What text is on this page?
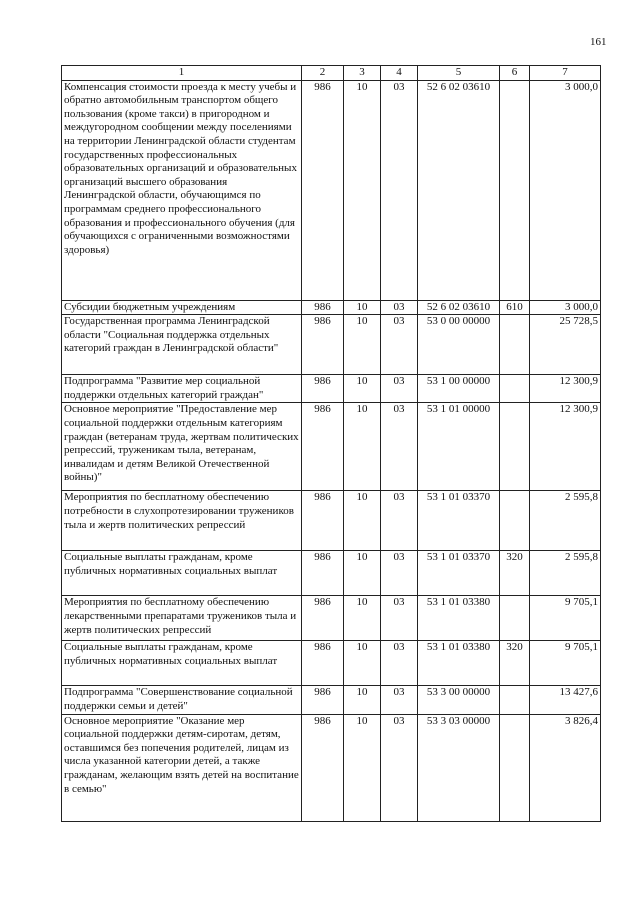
161
1	2	3	4	5	6	7
Компенсация стоимости проезда к месту учебы и обратно автомобильным транспортом общего пользования (кроме такси) в пригородном и междугородном сообщении между поселениями на территории Ленинградской области студентам государственных профессиональных образовательных организаций и образовательных организаций высшего образования Ленинградской области, обучающимся по программам среднего профессионального образования и профессионального обучения (для обучающихся с ограниченными возможностями здоровья)	986	10	03	52 6 02 03610		3 000,0
Субсидии бюджетным учреждениям	986	10	03	52 6 02 03610	610	3 000,0
Государственная программа Ленинградской области "Социальная поддержка отдельных категорий граждан в Ленинградской области"	986	10	03	53 0 00 00000		25 728,5
Подпрограмма "Развитие мер социальной поддержки отдельных категорий граждан"	986	10	03	53 1 00 00000		12 300,9
Основное мероприятие "Предоставление мер социальной поддержки отдельным категориям граждан (ветеранам труда, жертвам политических репрессий, труженикам тыла, ветеранам, инвалидам и детям Великой Отечественной войны)"	986	10	03	53 1 01 00000		12 300,9
Мероприятия по бесплатному обеспечению потребности в слухопротезировании тружеников тыла и жертв политических репрессий	986	10	03	53 1 01 03370		2 595,8
Социальные выплаты гражданам, кроме публичных нормативных социальных выплат	986	10	03	53 1 01 03370	320	2 595,8
Мероприятия по бесплатному обеспечению лекарственными препаратами тружеников тыла и жертв политических репрессий	986	10	03	53 1 01 03380		9 705,1
Социальные выплаты гражданам, кроме публичных нормативных социальных выплат	986	10	03	53 1 01 03380	320	9 705,1
Подпрограмма "Совершенствование социальной поддержки семьи и детей"	986	10	03	53 3 00 00000		13 427,6
Основное мероприятие "Оказание мер социальной поддержки детям-сиротам, детям, оставшимся без попечения родителей, лицам из числа указанной категории детей, а также гражданам, желающим взять детей на воспитание в семью"	986	10	03	53 3 03 00000		3 826,4
